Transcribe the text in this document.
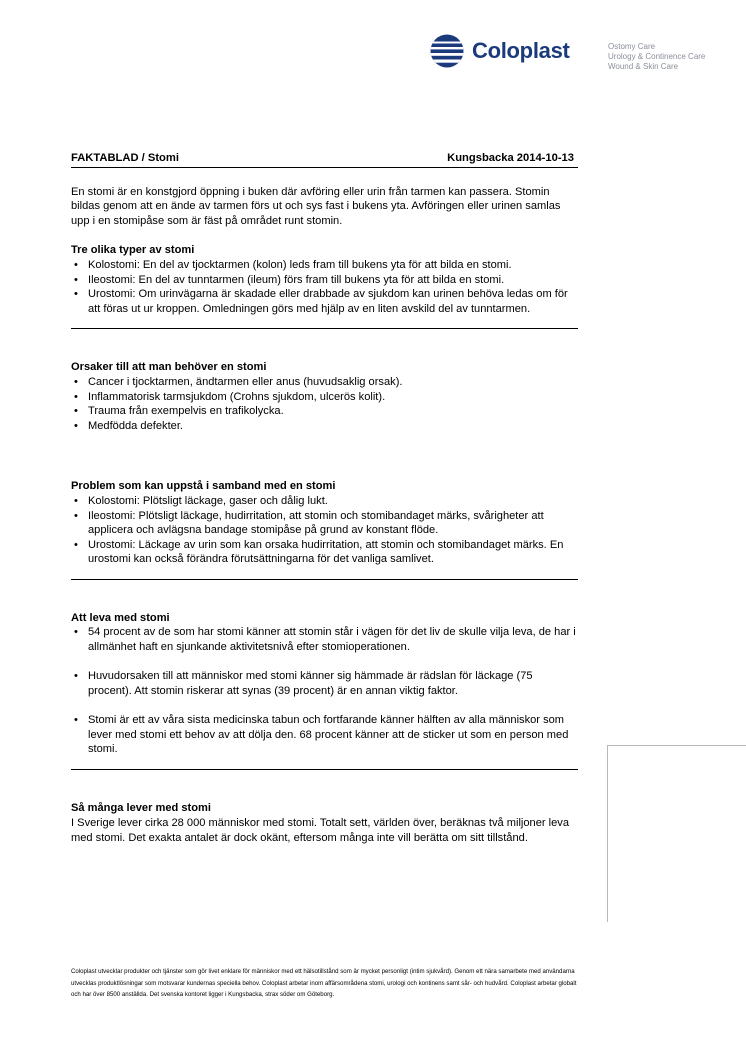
Coloplast	Ostomy Care
Urology & Continence Care
Wound & Skin Care
FAKTABLAD / Stomi	Kungsbacka 2014-10-13

En stomi är en konstgjord öppning i buken där avföring eller urin från tarmen kan passera. Stomin bildas genom att en ände av tarmen förs ut och sys fast i bukens yta. Avföringen eller urinen samlas upp i en stomipåse som är fäst på området runt stomin.

Tre olika typer av stomi

• Kolostomi: En del av tjocktarmen (kolon) leds fram till bukens yta för att bilda en stomi.
• Ileostomi: En del av tunntarmen (ileum) förs fram till bukens yta för att bilda en stomi.
• Urostomi: Om urinvägarna är skadade eller drabbade av sjukdom kan urinen behöva ledas om för att föras ut ur kroppen. Omledningen görs med hjälp av en liten avskild del av tunntarmen.

Orsaker till att man behöver en stomi

• Cancer i tjocktarmen, ändtarmen eller anus (huvudsaklig orsak).
• Inflammatorisk tarmsjukdom (Crohns sjukdom, ulcerös kolit).
• Trauma från exempelvis en trafikolycka.
• Medfödda defekter.

Problem som kan uppstå i samband med en stomi

• Kolostomi: Plötsligt läckage, gaser och dålig lukt.
• Ileostomi: Plötsligt läckage, hudirritation, att stomin och stomibandaget märks, svårigheter att applicera och avlägsna bandage stomipåse på grund av konstant flöde.
• Urostomi: Läckage av urin som kan orsaka hudirritation, att stomin och stomibandaget märks. En urostomi kan också förändra förutsättningarna för det vanliga samlivet.

Att leva med stomi

• 54 procent av de som har stomi känner att stomin står i vägen för det liv de skulle vilja leva, de har i allmänhet haft en sjunkande aktivitetsnivå efter stomioperationen.
• Huvudorsaken till att människor med stomi känner sig hämmade är rädslan för läckage (75 procent). Att stomin riskerar att synas (39 procent) är en annan viktig faktor.
• Stomi är ett av våra sista medicinska tabun och fortfarande känner hälften av alla människor som lever med stomi ett behov av att dölja den. 68 procent känner att de sticker ut som en person med stomi.

Så många lever med stomi

I Sverige lever cirka 28 000 människor med stomi. Totalt sett, världen över, beräknas två miljoner leva med stomi. Det exakta antalet är dock okänt, eftersom många inte vill berätta om sitt tillstånd.

Coloplast utvecklar produkter och tjänster som gör livet enklare för människor med ett hälsotillstånd som är mycket personligt (intim sjukvård). Genom ett nära samarbete med användarna utvecklas produktlösningar som motsvarar kundernas speciella behov. Coloplast arbetar inom affärsområdena stomi, urologi och kontinens samt sår- och hudvård. Coloplast arbetar globalt och har över 8500 anställda. Det svenska kontoret ligger i Kungsbacka, strax söder om Göteborg.
